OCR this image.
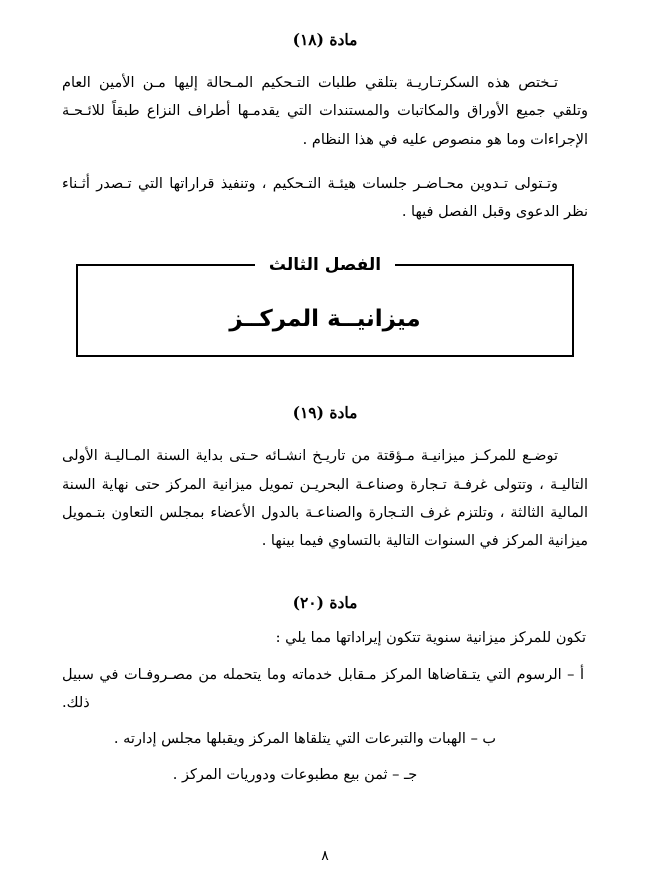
مادة (١٨)

تـختص هذه السكرتـاريـة بتلقي طلبات التـحكيم المـحالة إليها مـن الأمين العام وتلقي جميع الأوراق والمكاتبات والمستندات التي يقدمـها أطراف النزاع طبقاً للائـحـة الإجراءات وما هو منصوص عليه في هذا النظام .

وتـتولى تـدوين محـاضـر جلسات هيئـة التـحكيم ، وتنفيذ قراراتها التي تـصدر أثـناء نظر الدعوى وقبل الفصل فيها .

الفصل الثالث
ميزانيــة المركــز
مادة (١٩)

توضـع للمركـز ميزانيـة مـؤقتة من تاريـخ انشـائه حـتى بداية السنة المـاليـة الأولى التاليـة ، وتتولى غرفـة تـجارة وصناعـة البحريـن تمويل ميزانية المركز حتى نهاية السنة المالية الثالثة ، وتلتزم غرف التـجارة والصناعـة بالدول الأعضاء بمجلس التعاون بتـمويل ميزانية المركز في السنوات التالية بالتساوي فيما بينها .

مادة (٢٠)

تكون للمركز ميزانية سنوية تتكون إيراداتها مما يلي :

أ – الرسوم التي يتـقاضاها المركز مـقابل خدماته وما يتحمله من مصـروفـات في سبيل ذلك.

ب – الهبات والتبرعات التي يتلقاها المركز ويقبلها مجلس إدارته .

جـ – ثمن بيع مطبوعات ودوريات المركز .

٨
